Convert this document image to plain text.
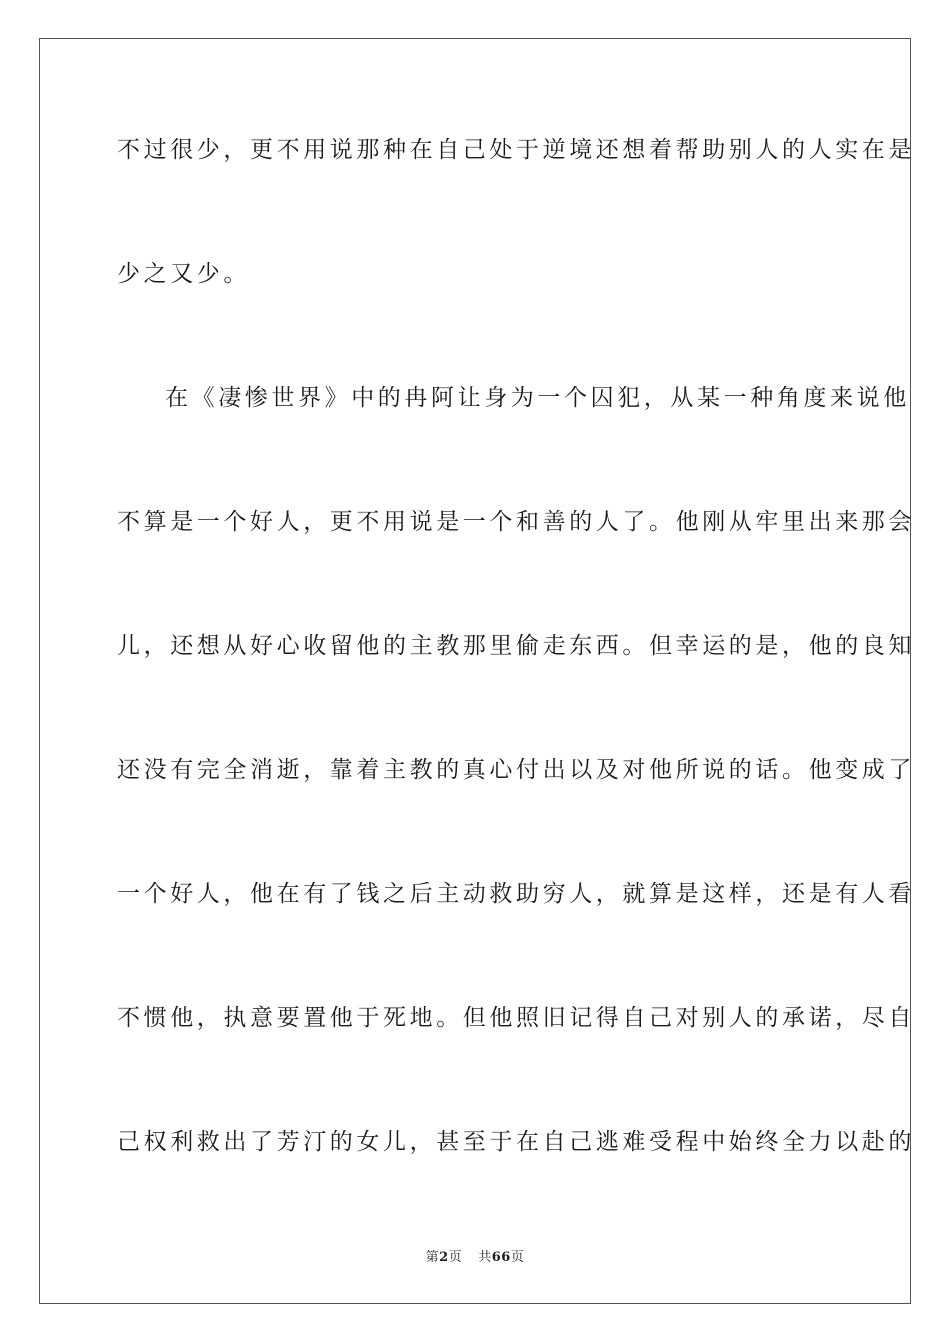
不过很少，更不用说那种在自己处于逆境还想着帮助别人的人实在是
少之又少。
在《凄惨世界》中的冉阿让身为一个囚犯，从某一种角度来说他
不算是一个好人，更不用说是一个和善的人了。他刚从牢里出来那会
儿，还想从好心收留他的主教那里偷走东西。但幸运的是，他的良知
还没有完全消逝，靠着主教的真心付出以及对他所说的话。他变成了
一个好人，他在有了钱之后主动救助穷人，就算是这样，还是有人看
不惯他，执意要置他于死地。但他照旧记得自己对别人的承诺，尽自
己权利救出了芳汀的女儿，甚至于在自己逃难受程中始终全力以赴的
第2页 共66页
